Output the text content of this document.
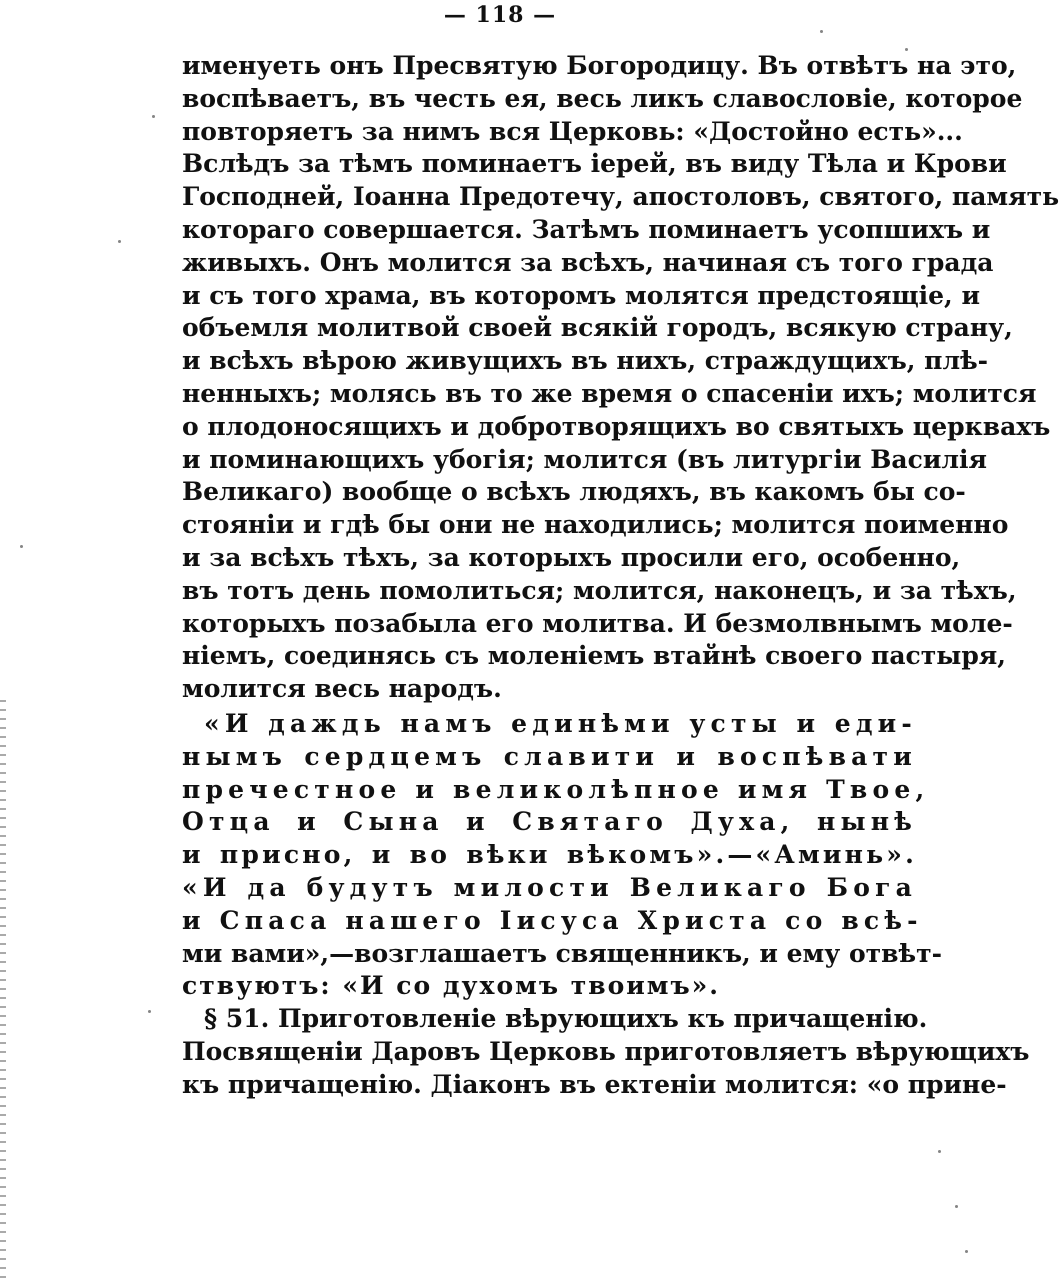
— 118 —
именуеть онъ Пресвятую Богородицу. Въ отвѣтъ на это,
воспѣваетъ, въ честь ея, весь ликъ славословіе, которое
повторяетъ за нимъ вся Церковь: «Достойно есть»...
Вслѣдъ за тѣмъ поминаетъ іерей, въ виду Тѣла и Крови
Господней, Іоанна Предотечу, апостоловъ, святого, память
котораго совершается. Затѣмъ поминаетъ усопшихъ и
живыхъ. Онъ молится за всѣхъ, начиная съ того града
и съ того храма, въ которомъ молятся предстоящіе, и
объемля молитвой своей всякій городъ, всякую страну,
и всѣхъ вѣрою живущихъ въ нихъ, страждущихъ, плѣ-
ненныхъ; молясь въ то же время о спасеніи ихъ; молится
о плодоносящихъ и добротворящихъ во святыхъ церквахъ
и поминающихъ убогія; молится (въ литургіи Василія
Великаго) вообще о всѣхъ людяхъ, въ какомъ бы со-
стояніи и гдѣ бы они не находились; молится поименно
и за всѣхъ тѣхъ, за которыхъ просили его, особенно,
въ тотъ день помолиться; молится, наконецъ, и за тѣхъ,
которыхъ позабыла его молитва. И безмолвнымъ моле-
ніемъ, соединясь съ моленіемъ втайнѣ своего пастыря,
молится весь народъ.
«И даждь намъ единѣми усты и еди-
нымъ сердцемъ славити и воспѣвати
пречестное и великолѣпное имя Твое,
Отца и Сына и Святаго Духа, нынѣ
и присно, и во вѣки вѣкомъ».—«Аминь».
«И да будутъ милости Великаго Бога
и Спаса нашего Іисуса Христа со всѣ-
ми вами»,—возглашаетъ священникъ, и ему отвѣт-
ствуютъ: «И со духомъ твоимъ».
§ 51. Приготовленіе вѣрующихъ къ причащенію.
Посвященіи Даровъ Церковь приготовляетъ вѣрующихъ
къ причащенію. Діаконъ въ ектеніи молится: «о прине-
